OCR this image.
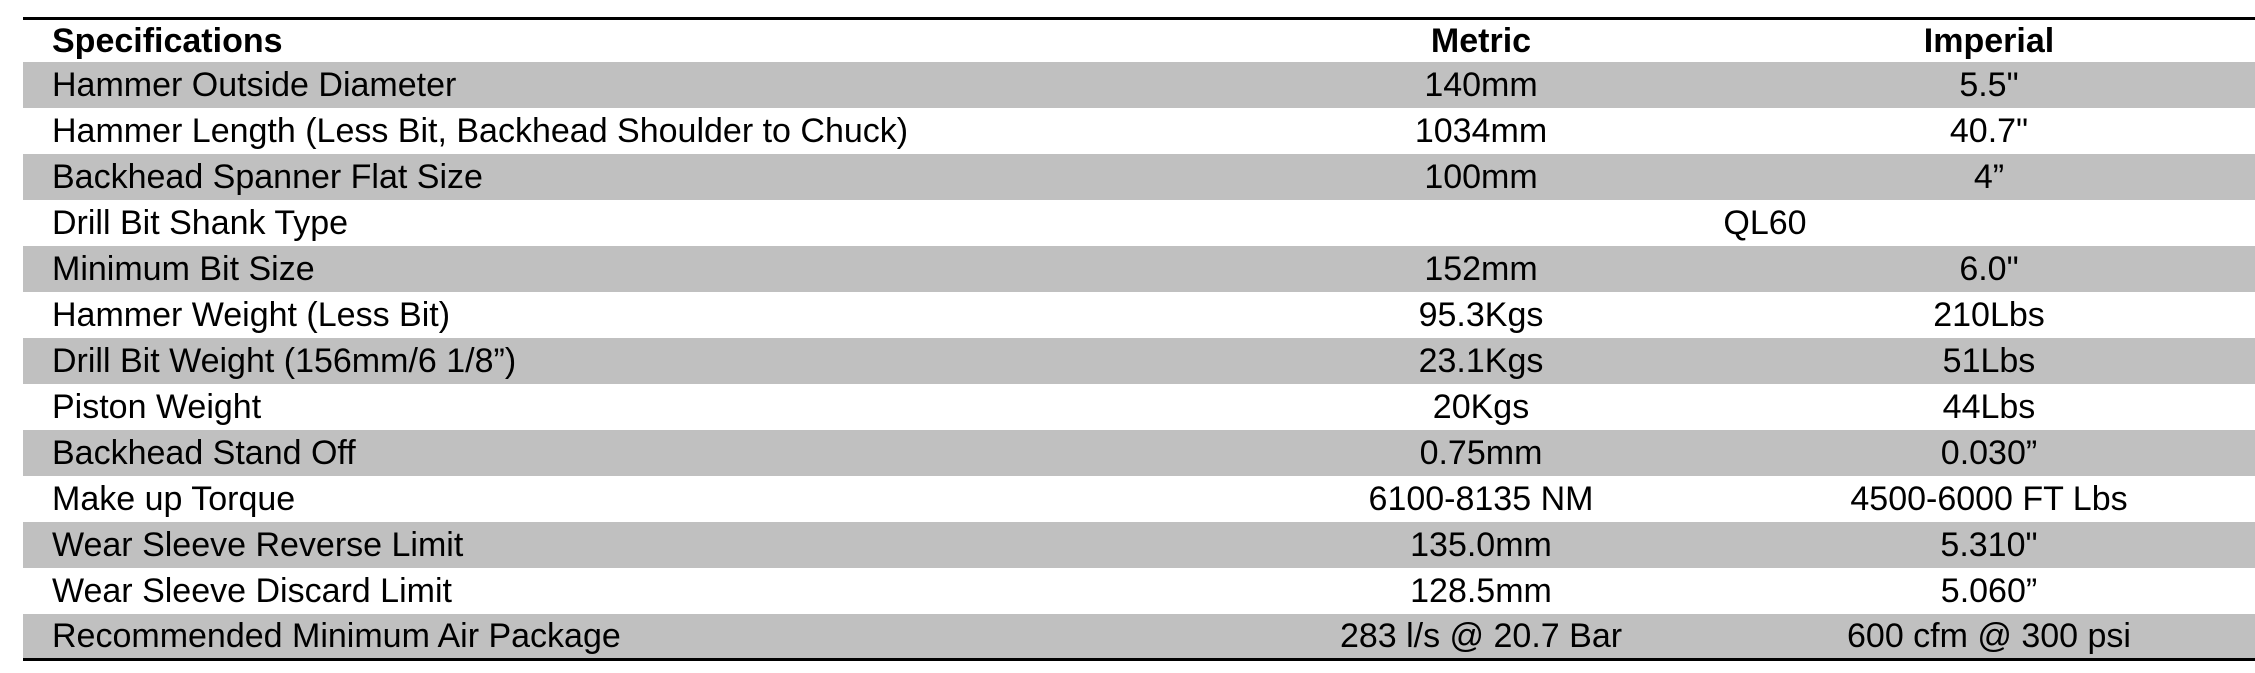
Specifications	Metric	Imperial
Hammer Outside Diameter	140mm	5.5"
Hammer Length (Less Bit, Backhead Shoulder to Chuck)	1034mm	40.7"
Backhead Spanner Flat Size	100mm	4”
Drill Bit Shank Type	QL60	
Minimum Bit Size	152mm	6.0"
Hammer Weight (Less Bit)	95.3Kgs	210Lbs
Drill Bit Weight (156mm/6 1/8”)	23.1Kgs	51Lbs
Piston Weight	20Kgs	44Lbs
Backhead Stand Off	0.75mm	0.030”
Make up Torque	6100-8135 NM	4500-6000 FT Lbs
Wear Sleeve Reverse Limit	135.0mm	5.310"
Wear Sleeve Discard Limit	128.5mm	5.060”
Recommended Minimum Air Package	283 l/s @ 20.7 Bar	600 cfm @ 300 psi
